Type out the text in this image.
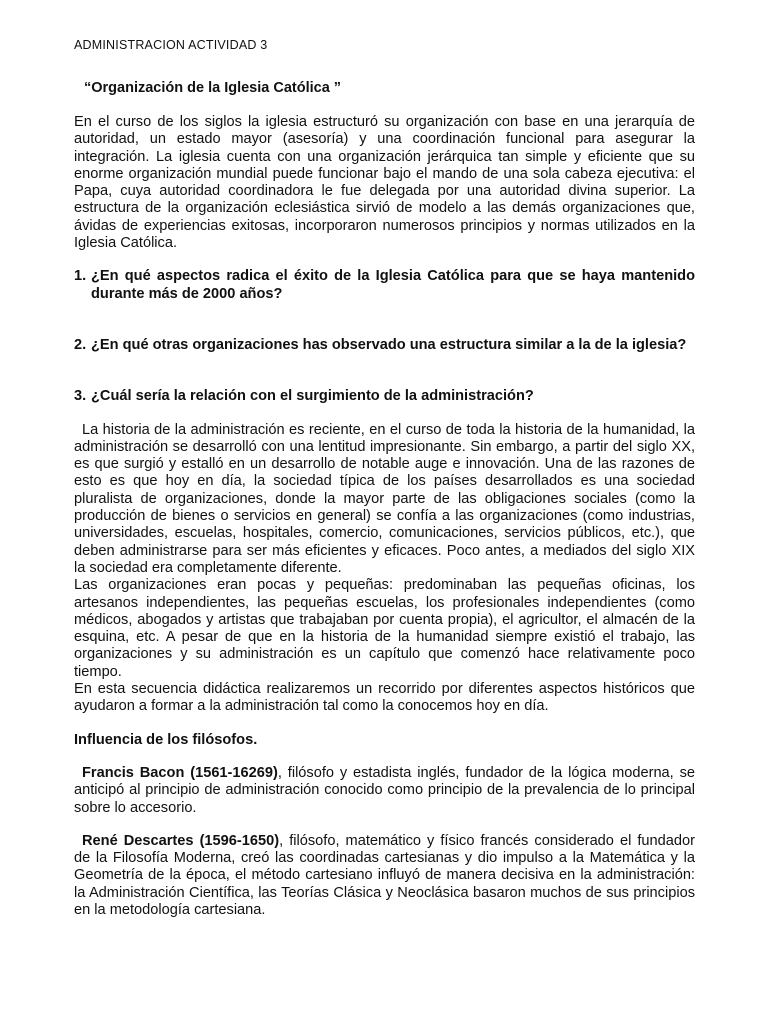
ADMINISTRACION ACTIVIDAD 3
“Organización de la Iglesia Católica ”

En el curso de los siglos la iglesia estructuró su organización con base en una jerarquía de autoridad, un estado mayor (asesoría) y una coordinación funcional para asegurar la integración. La iglesia cuenta con una organización jerárquica tan simple y eficiente que su enorme organización mundial puede funcionar bajo el mando de una sola cabeza ejecutiva: el Papa, cuya autoridad coordinadora le fue delegada por una autoridad divina superior. La estructura de la organización eclesiástica sirvió de modelo a las demás organizaciones que, ávidas de experiencias exitosas, incorporaron numerosos principios y normas utilizados en la Iglesia Católica.

1. ¿En qué aspectos radica el éxito de la Iglesia Católica para que se haya mantenido durante más de 2000 años?
2. ¿En qué otras organizaciones has observado una estructura similar a la de la iglesia?
3. ¿Cuál sería la relación con el surgimiento de la administración?

La historia de la administración es reciente, en el curso de toda la historia de la humanidad, la administración se desarrolló con una lentitud impresionante. Sin embargo, a partir del siglo XX, es que surgió y estalló en un desarrollo de notable auge e innovación. Una de las razones de esto es que hoy en día, la sociedad típica de los países desarrollados es una sociedad pluralista de organizaciones, donde la mayor parte de las obligaciones sociales (como la producción de bienes o servicios en general) se confía a las organizaciones (como industrias, universidades, escuelas, hospitales, comercio, comunicaciones, servicios públicos, etc.), que deben administrarse para ser más eficientes y eficaces. Poco antes, a mediados del siglo XIX la sociedad era completamente diferente.

Las organizaciones eran pocas y pequeñas: predominaban las pequeñas oficinas, los artesanos independientes, las pequeñas escuelas, los profesionales independientes (como médicos, abogados y artistas que trabajaban por cuenta propia), el agricultor, el almacén de la esquina, etc. A pesar de que en la historia de la humanidad siempre existió el trabajo, las organizaciones y su administración es un capítulo que comenzó hace relativamente poco tiempo.

En esta secuencia didáctica realizaremos un recorrido por diferentes aspectos históricos que ayudaron a formar a la administración tal como la conocemos hoy en día.

Influencia de los filósofos.

Francis Bacon (1561-16269), filósofo y estadista inglés, fundador de la lógica moderna, se anticipó al principio de administración conocido como principio de la prevalencia de lo principal sobre lo accesorio.

René Descartes (1596-1650), filósofo, matemático y físico francés considerado el fundador de la Filosofía Moderna, creó las coordinadas cartesianas y dio impulso a la Matemática y la Geometría de la época, el método cartesiano influyó de manera decisiva en la administración: la Administración Científica, las Teorías Clásica y Neoclásica basaron muchos de sus principios en la metodología cartesiana.
